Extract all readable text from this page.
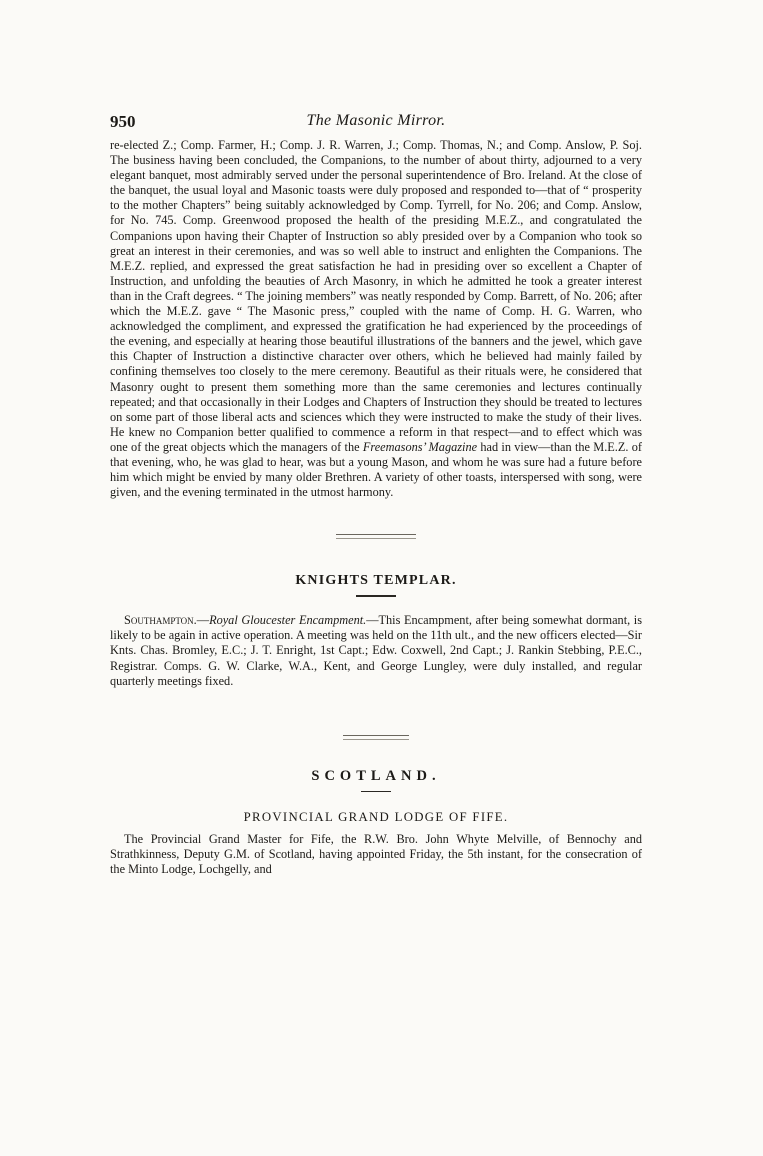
950	The Masonic Mirror.

re-elected Z.; Comp. Farmer, H.; Comp. J. R. Warren, J.; Comp. Thomas, N.; and Comp. Anslow, P. Soj. The business having been concluded, the Companions, to the number of about thirty, adjourned to a very elegant banquet, most admirably served under the personal superintendence of Bro. Ireland. At the close of the banquet, the usual loyal and Masonic toasts were duly proposed and responded to—that of “ prosperity to the mother Chapters” being suitably acknowledged by Comp. Tyrrell, for No. 206; and Comp. Anslow, for No. 745. Comp. Greenwood proposed the health of the presiding M.E.Z., and congratulated the Companions upon having their Chapter of Instruction so ably presided over by a Companion who took so great an interest in their ceremonies, and was so well able to instruct and enlighten the Companions. The M.E.Z. replied, and expressed the great satisfaction he had in presiding over so excellent a Chapter of Instruction, and unfolding the beauties of Arch Masonry, in which he admitted he took a greater interest than in the Craft degrees. “ The joining members” was neatly responded by Comp. Barrett, of No. 206; after which the M.E.Z. gave “ The Masonic press,” coupled with the name of Comp. H. G. Warren, who acknowledged the compliment, and expressed the gratification he had experienced by the proceedings of the evening, and especially at hearing those beautiful illustrations of the banners and the jewel, which gave this Chapter of Instruction a distinctive character over others, which he believed had mainly failed by confining themselves too closely to the mere ceremony. Beautiful as their rituals were, he considered that Masonry ought to present them something more than the same ceremonies and lectures continually repeated; and that occasionally in their Lodges and Chapters of Instruction they should be treated to lectures on some part of those liberal acts and sciences which they were instructed to make the study of their lives. He knew no Companion better qualified to commence a reform in that respect—and to effect which was one of the great objects which the managers of the Freemasons’ Magazine had in view—than the M.E.Z. of that evening, who, he was glad to hear, was but a young Mason, and whom he was sure had a future before him which might be envied by many older Brethren. A variety of other toasts, interspersed with song, were given, and the evening terminated in the utmost harmony.

KNIGHTS TEMPLAR.

Southampton.—Royal Gloucester Encampment.—This Encampment, after being somewhat dormant, is likely to be again in active operation. A meeting was held on the 11th ult., and the new officers elected—Sir Knts. Chas. Bromley, E.C.; J. T. Enright, 1st Capt.; Edw. Coxwell, 2nd Capt.; J. Rankin Stebbing, P.E.C., Registrar. Comps. G. W. Clarke, W.A., Kent, and George Lungley, were duly installed, and regular quarterly meetings fixed.

SCOTLAND.
PROVINCIAL GRAND LODGE OF FIFE.

The Provincial Grand Master for Fife, the R.W. Bro. John Whyte Melville, of Bennochy and Strathkinness, Deputy G.M. of Scotland, having appointed Friday, the 5th instant, for the consecration of the Minto Lodge, Lochgelly, and
